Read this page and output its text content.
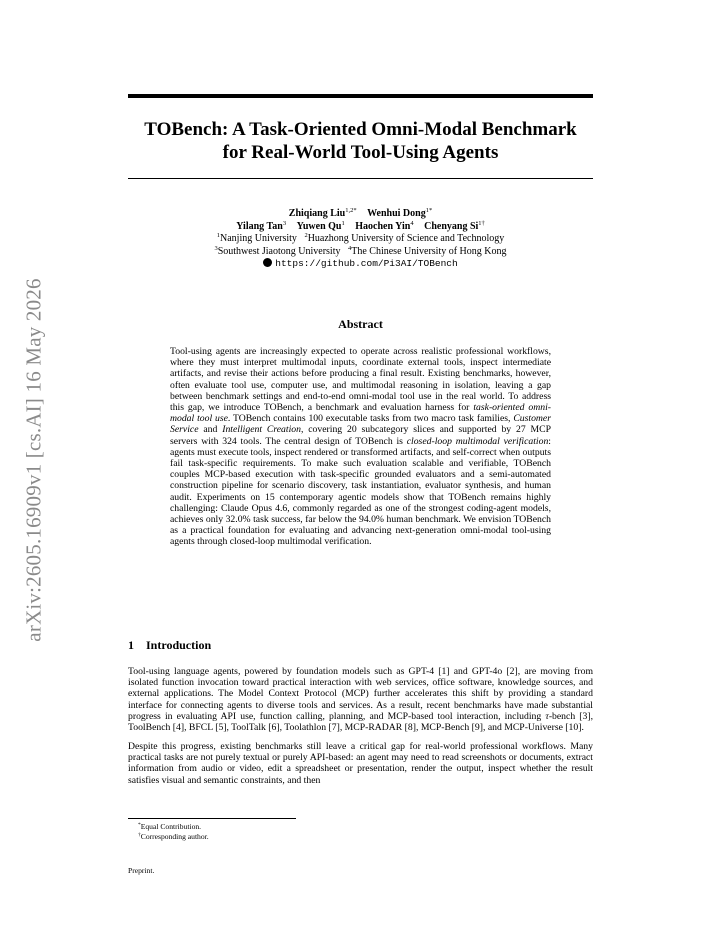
arXiv:2605.16909v1 [cs.AI] 16 May 2026
TOBench: A Task-Oriented Omni-Modal Benchmark
for Real-World Tool-Using Agents
Zhiqiang Liu$^{1,2*}$ Wenhui Dong$^{1*}$
Yilang Tan$^3$ Yuwen Qu$^1$ Haochen Yin$^4$ Chenyang $Si^{1\dagger}$
$^1$Nanjing University $^2$Huazhong University of Science and Technology
$^3$Southwest Jiaotong University $^4$The Chinese University of Hong Kong
https://github.com/Pi3AI/TOBench
Abstract
Tool-using agents are increasingly expected to operate across realistic professional workflows, where they must interpret multimodal inputs, coordinate external tools, inspect intermediate artifacts, and revise their actions before producing a final result. Existing benchmarks, however, often evaluate tool use, computer use, and multimodal reasoning in isolation, leaving a gap between benchmark settings and end-to-end omni-modal tool use in the real world. To address this gap, we introduce TOBench, a benchmark and evaluation harness for task-oriented omni-modal tool use. TOBench contains 100 executable tasks from two macro task families, Customer Service and Intelligent Creation, covering 20 subcategory slices and supported by 27 MCP servers with 324 tools. The central design of TOBench is closed-loop multimodal verification: agents must execute tools, inspect rendered or transformed artifacts, and self-correct when outputs fail task-specific requirements. To make such evaluation scalable and verifiable, TOBench couples MCP-based execution with task-specific grounded evaluators and a semi-automated construction pipeline for scenario discovery, task instantiation, evaluator synthesis, and human audit. Experiments on 15 contemporary agentic models show that TOBench remains highly challenging: Claude Opus 4.6, commonly regarded as one of the strongest coding-agent models, achieves only 32.0% task success, far below the 94.0% human benchmark. We envision TOBench as a practical foundation for evaluating and advancing next-generation omni-modal tool-using agents through closed-loop multimodal verification.
1 Introduction

Tool-using language agents, powered by foundation models such as GPT-4 [1] and GPT-4o [2], are moving from isolated function invocation toward practical interaction with web services, office software, knowledge sources, and external applications. The Model Context Protocol (MCP) further accelerates this shift by providing a standard interface for connecting agents to diverse tools and services. As a result, recent benchmarks have made substantial progress in evaluating API use, function calling, planning, and MCP-based tool interaction, including τ-bench [3], ToolBench [4], BFCL [5], ToolTalk [6], Toolathlon [7], MCP-RADAR [8], MCP-Bench [9], and MCP-Universe [10].

Despite this progress, existing benchmarks still leave a critical gap for real-world professional workflows. Many practical tasks are not purely textual or purely API-based: an agent may need to read screenshots or documents, extract information from audio or video, edit a spreadsheet or presentation, render the output, inspect whether the result satisfies visual and semantic constraints, and then

*Equal Contribution.
†Corresponding author.
Preprint.
